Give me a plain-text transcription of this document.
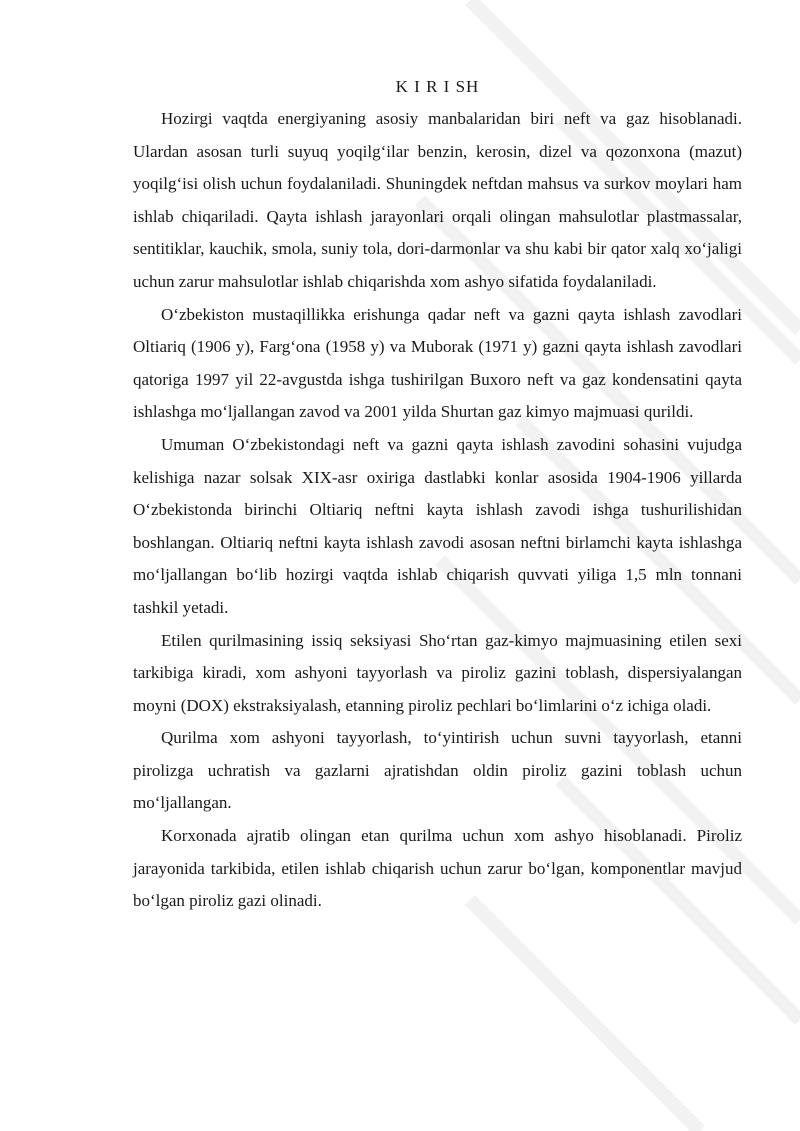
K I R I SH

Hozirgi vaqtda energiyaning asosiy manbalaridan biri neft va gaz hisoblanadi. Ulardan asosan turli suyuq yoqilg‘ilar benzin, kerosin, dizel va qozonxona (mazut) yoqilg‘isi olish uchun foydalaniladi. Shuningdek neftdan mahsus va surkov moylari ham ishlab chiqariladi. Qayta ishlash jarayonlari orqali olingan mahsulotlar plastmassalar, sentitiklar, kauchik, smola, suniy tola, dori-darmonlar va shu kabi bir qator xalq xo‘jaligi uchun zarur mahsulotlar ishlab chiqarishda xom ashyo sifatida foydalaniladi.

O‘zbekiston mustaqillikka erishunga qadar neft va gazni qayta ishlash zavodlari Oltiariq (1906 y), Farg‘ona (1958 y) va Muborak (1971 y) gazni qayta ishlash zavodlari qatoriga 1997 yil 22-avgustda ishga tushirilgan Buxoro neft va gaz kondensatini qayta ishlashga mo‘ljallangan zavod va 2001 yilda Shurtan gaz kimyo majmuasi qurildi.

Umuman O‘zbekistondagi neft va gazni qayta ishlash zavodini sohasini vujudga kelishiga nazar solsak XIX-asr oxiriga dastlabki konlar asosida 1904-1906 yillarda O‘zbekistonda birinchi Oltiariq neftni kayta ishlash zavodi ishga tushurilishidan boshlangan. Oltiariq neftni kayta ishlash zavodi asosan neftni birlamchi kayta ishlashga mo‘ljallangan bo‘lib hozirgi vaqtda ishlab chiqarish quvvati yiliga 1,5 mln tonnani tashkil yetadi.

Etilen qurilmasining issiq seksiyasi Sho‘rtan gaz-kimyo majmuasining etilen sexi tarkibiga kiradi, xom ashyoni tayyorlash va piroliz gazini toblash, dispersiyalangan moyni (DOX) ekstraksiyalash, etanning piroliz pechlari bo‘limlarini o‘z ichiga oladi.

Qurilma xom ashyoni tayyorlash, to‘yintirish uchun suvni tayyorlash, etanni pirolizga uchratish va gazlarni ajratishdan oldin piroliz gazini toblash uchun mo‘ljallangan.

Korxonada ajratib olingan etan qurilma uchun xom ashyo hisoblanadi. Piroliz jarayonida tarkibida, etilen ishlab chiqarish uchun zarur bo‘lgan, komponentlar mavjud bo‘lgan piroliz gazi olinadi.
